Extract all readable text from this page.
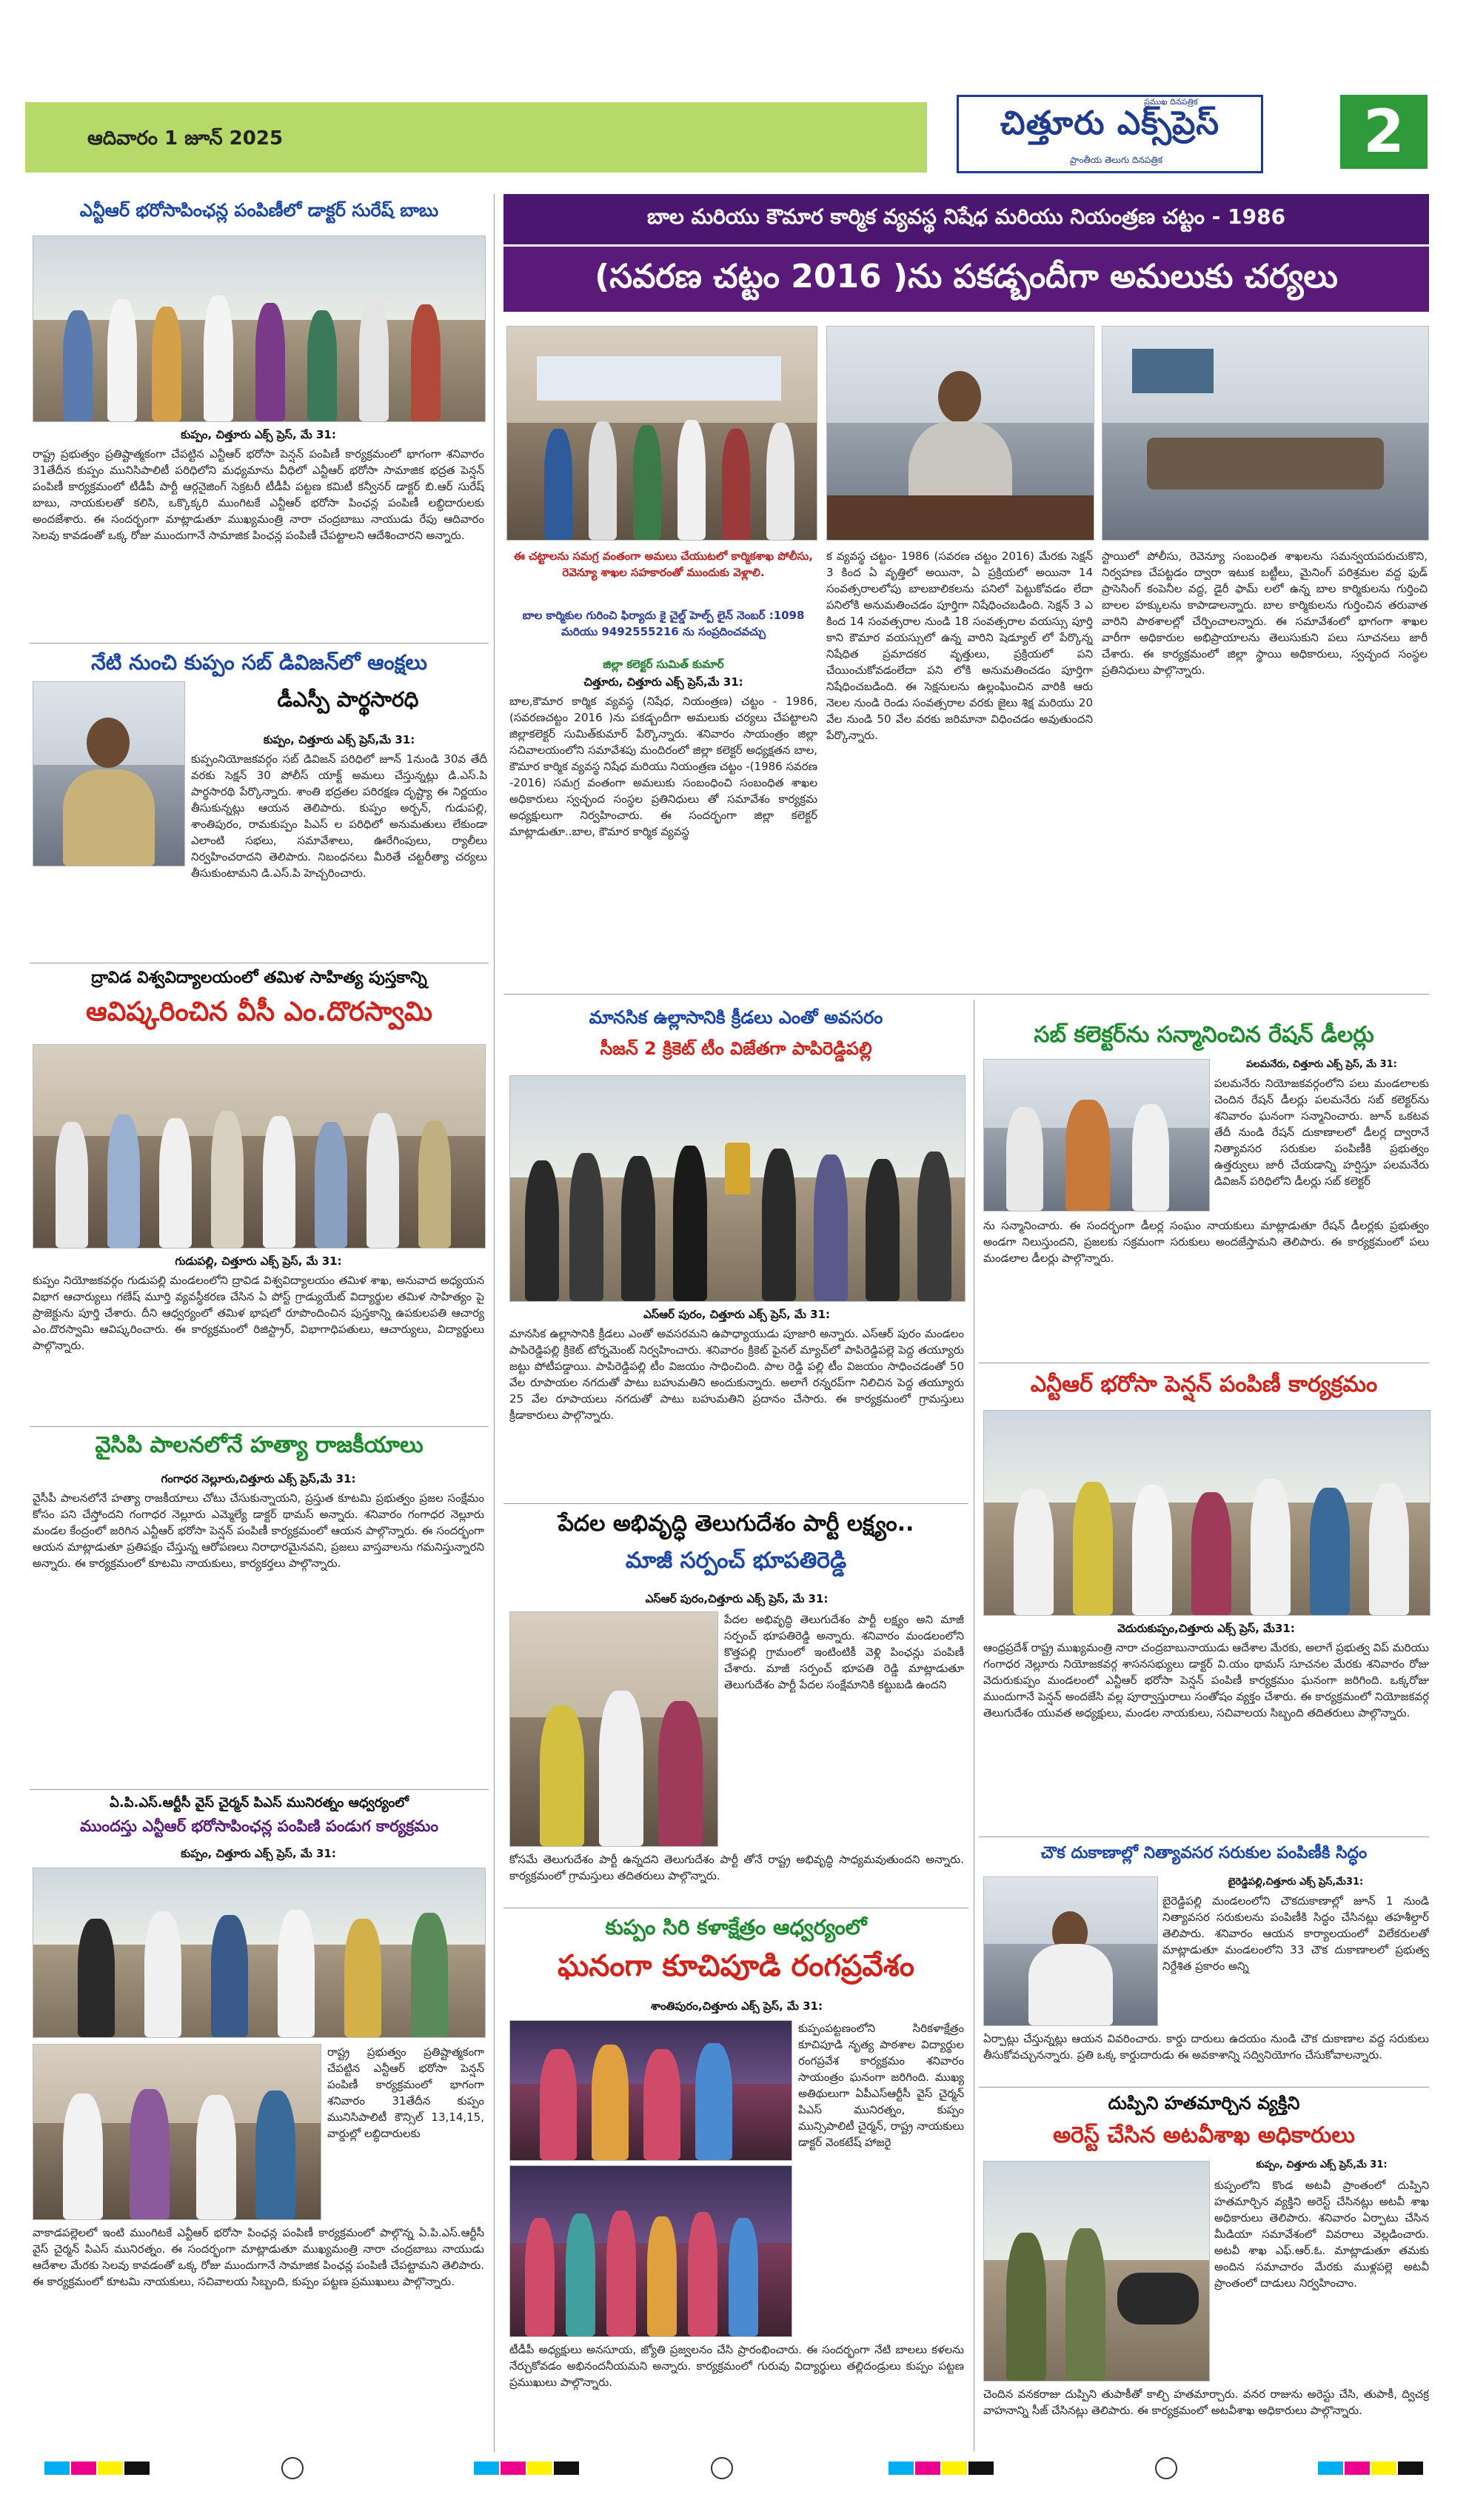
ఆదివారం 1 జూన్ 2025	చిత్తూరు ఎక్స్‌ప్రెస్
ప్రముఖ దినపత్రిక
ప్రాంతీయ తెలుగు దినపత్రిక	2
బాల మరియు కౌమార కార్మిక వ్యవస్థ నిషేధ మరియు నియంత్రణ చట్టం - 1986
(సవరణ చట్టం 2016 )ను పకడ్బందీగా అమలుకు చర్యలు
ఈ చట్టాలను సమగ్ర వంతంగా అమలు చేయుటలో కార్మికశాఖ పోలీసు, రెవెన్యూ శాఖల సహకారంతో ముందుకు వెళ్లాలి.
బాల కార్మికుల గురించి ఫిర్యాదు కై చైల్డ్ హెల్ప్ లైన్ నెంబర్ :1098 మరియు 9492555216 ను సంప్రదించవచ్చు
జిల్లా కలెక్టర్ సుమిత్ కుమార్
చిత్తూరు, చిత్తూరు ఎక్స్ ప్రెస్,మే 31:
బాల,కౌమార కార్మిక వ్యవస్థ (నిషేధ, నియంత్రణ) చట్టం - 1986,(సవరణచట్టం 2016 )ను పకడ్బందీగా అమలుకు చర్యలు చేపట్టాలని జిల్లాకలెక్టర్ సుమిత్‌కుమార్ పేర్కొన్నారు. శనివారం సాయంత్రం జిల్లా సచివాలయంలోని సమావేశపు మందిరంలో జిల్లా కలెక్టర్ అధ్యక్షతన బాల, కౌమార కార్మిక వ్యవస్థ నిషేధ మరియు నియంత్రణ చట్టం -(1986 సవరణ -2016) సమగ్ర వంతంగా అమలుకు సంబంధించి సంబంధిత శాఖల అధికారులు స్వచ్ఛంద సంస్థల ప్రతినిధులు తో సమావేశం కార్యక్రమ అధ్యక్షులుగా నిర్వహించారు. ఈ సందర్భంగా జిల్లా కలెక్టర్ మాట్లాడుతూ..బాల, కౌమార కార్మిక వ్యవస్థ
క వ్యవస్థ చట్టం- 1986 (సవరణ చట్టం 2016) మేరకు సెక్షన్ 3 కింద ఏ వృత్తిలో అయినా, ఏ ప్రక్రియలో అయినా 14 సంవత్సరాలలోపు బాలబాలికలను పనిలో పెట్టుకోవడం లేదా పనిలోకి అనుమతించడం పూర్తిగా నిషేధించబడింది. సెక్షన్ 3 ఎ కింద 14 సంవత్సరాల నుండి 18 సంవత్సరాల వయస్సు పూర్తి కాని కౌమార వయస్సులో ఉన్న వారిని షెడ్యూల్ లో పేర్కొన్న నిషేధిత ప్రమాదకర వృత్తులు, ప్రక్రియలో పని చేయించుకోవడంలేదా పని లోకి అనుమతించడం పూర్తిగా నిషేధించబడింది. ఈ సెక్షనులను ఉల్లంఘించిన వారికి ఆరు నెలల నుండి రెండు సంవత్సరాల వరకు జైలు శిక్ష మరియు 20 వేల నుండి 50 వేల వరకు జరిమానా విధించడం అవుతుందని పేర్కొన్నారు.
స్టాయిలో పోలీసు, రెవెన్యూ సంబంధిత శాఖలను సమన్వయపరుచుకొని, నిర్వహణ చేపట్టడం ద్వారా ఇటుక బట్టీలు, మైనింగ్ పరిశ్రమల వద్ద ఫుడ్ ప్రాసెసింగ్ కంపెనీల వద్ద, డైరీ ఫామ్ లలో ఉన్న బాల కార్మికులను గుర్తించి బాలల హక్కులను కాపాడాలన్నారు. బాల కార్మికులను గుర్తించిన తరువాత వారిని పాఠశాలల్లో చేర్పించాలన్నారు. ఈ సమావేశంలో భాగంగా శాఖల వారీగా అధికారుల అభిప్రాయాలను తెలుసుకుని పలు సూచనలు జారీ చేశారు. ఈ కార్యక్రమంలో జిల్లా స్థాయి అధికారులు, స్వచ్ఛంద సంస్థల ప్రతినిధులు పాల్గొన్నారు.
ఎన్టీఆర్ భరోసాపింఛన్ల పంపిణీలో డాక్టర్ సురేష్ బాబు
కుప్పం, చిత్తూరు ఎక్స్ ప్రెస్, మే 31:
రాష్ట్ర ప్రభుత్వం ప్రతిష్టాత్మకంగా చేపట్టిన ఎన్టీఆర్ భరోసా పెన్షన్ పంపిణీ కార్యక్రమంలో భాగంగా శనివారం 31తేదీన కుప్పం మునిసిపాలిటీ పరిధిలోని మధ్యమాను వీధిలో ఎన్టీఆర్ భరోసా సామాజిక భద్రత పెన్షన్ పంపిణీ కార్యక్రమంలో టీడీపీ పార్టీ ఆర్గనైజింగ్ సెక్రటరీ టీడీపీ పట్టణ కమిటీ కన్వీనర్ డాక్టర్ బి.ఆర్ సురేష్ బాబు, నాయకులతో కలిసి, ఒక్కొక్కరి ముంగిటకే ఎన్టీఆర్ భరోసా పింఛన్ల పంపిణీ లబ్ధిదారులకు అందజేశారు. ఈ సందర్భంగా మాట్లాడుతూ ముఖ్యమంత్రి నారా చంద్రబాబు నాయుడు రేపు ఆదివారం సెలవు కావడంతో ఒక్క రోజు ముందుగానే సామాజిక పింఛన్ల పంపిణీ చేపట్టాలని ఆదేశించారని అన్నారు.
నేటి నుంచి కుప్పం సబ్ డివిజన్‌లో ఆంక్షలు
డీఎస్పీ పార్థసారధి
కుప్పం, చిత్తూరు ఎక్స్ ప్రెస్,మే 31:
కుప్పంనియోజకవర్గం సబ్ డివిజన్ పరిధిలో జూన్ 1నుండి 30వ తేదీ వరకు సెక్షన్ 30 పోలీస్ యాక్ట్ అమలు చేస్తున్నట్లు డి.ఎస్.పి పార్థసారథి పేర్కొన్నారు. శాంతి భద్రతల పరిరక్షణ దృష్ట్యా ఈ నిర్ణయం తీసుకున్నట్లు ఆయన తెలిపారు. కుప్పం అర్బన్, గుడుపల్లి, శాంతిపురం, రామకుప్పం పిఎస్ ల పరిధిలో అనుమతులు లేకుండా ఎలాంటి సభలు, సమావేశాలు, ఊరేగింపులు, ర్యాలీలు నిర్వహించరాదని తెలిపారు. నిబంధనలు మీరితే చట్టరీత్యా చర్యలు తీసుకుంటామని డి.ఎస్.పి హెచ్చరించారు.
ద్రావిడ విశ్వవిద్యాలయంలో తమిళ సాహిత్య పుస్తకాన్ని
ఆవిష్కరించిన వీసీ ఎం.దొరస్వామి
గుడుపల్లి, చిత్తూరు ఎక్స్ ప్రెస్, మే 31:
కుప్పం నియోజకవర్గం గుడుపల్లి మండలంలోని ద్రావిడ విశ్వవిద్యాలయం తమిళ శాఖ, అనువాద అధ్యయన విభాగ ఆచార్యులు గణేష్ మూర్తి వ్యవస్థీకరణ చేసిన ఏ పోస్ట్ గ్రాడ్యుయేట్ విద్యార్థుల తమిళ సాహిత్యం పై ప్రాజెక్టును పూర్తి చేశారు. దీని ఆధ్వర్యంలో తమిళ భాషలో రూపొందించిన పుస్తకాన్ని ఉపకులపతి ఆచార్య ఎం.దొరస్వామి ఆవిష్కరించారు. ఈ కార్యక్రమంలో రిజిస్ట్రార్, విభాగాధిపతులు, ఆచార్యులు, విద్యార్థులు పాల్గొన్నారు.
వైసిపి పాలనలోనే హత్యా రాజకీయాలు
గంగాధర నెల్లూరు,చిత్తూరు ఎక్స్ ప్రెస్,మే 31:
వైసీపీ పాలనలోనే హత్యా రాజకీయాలు చోటు చేసుకున్నాయని, ప్రస్తుత కూటమి ప్రభుత్వం ప్రజల సంక్షేమం కోసం పని చేస్తోందని గంగాధర నెల్లూరు ఎమ్మెల్యే డాక్టర్ థామస్ అన్నారు. శనివారం గంగాధర నెల్లూరు మండల కేంద్రంలో జరిగిన ఎన్టీఆర్ భరోసా పెన్షన్ పంపిణీ కార్యక్రమంలో ఆయన పాల్గొన్నారు. ఈ సందర్భంగా ఆయన మాట్లాడుతూ ప్రతిపక్షం చేస్తున్న ఆరోపణలు నిరాధారమైనవని, ప్రజలు వాస్తవాలను గమనిస్తున్నారని అన్నారు. ఈ కార్యక్రమంలో కూటమి నాయకులు, కార్యకర్తలు పాల్గొన్నారు.
ఏ.పి.ఎస్.ఆర్టీసీ వైస్ చైర్మన్ పిఎస్ మునిరత్నం ఆధ్వర్యంలో
ముందస్తు ఎన్టీఆర్ భరోసాపింఛన్ల పంపిణి పండుగ కార్యక్రమం
కుప్పం, చిత్తూరు ఎక్స్ ప్రెస్, మే 31:
రాష్ట్ర ప్రభుత్వం ప్రతిష్టాత్మకంగా చేపట్టిన ఎన్టీఆర్ భరోసా పెన్షన్ పంపిణీ కార్యక్రమంలో భాగంగా శనివారం 31తేదీన కుప్పం మునిసిపాలిటీ కౌన్సిల్ 13,14,15, వార్డుల్లో లబ్ధిదారులకు
వాకాడపల్లెలలో ఇంటి ముంగిటకే ఎన్టీఆర్ భరోసా పింఛన్ల పంపిణీ కార్యక్రమంలో పాల్గొన్న ఏ.పి.ఎస్.ఆర్టీసీ వైస్ చైర్మన్ పిఎస్ మునిరత్నం. ఈ సందర్భంగా మాట్లాడుతూ ముఖ్యమంత్రి నారా చంద్రబాబు నాయుడు ఆదేశాల మేరకు సెలవు కావడంతో ఒక్క రోజు ముందుగానే సామాజిక పింఛన్ల పంపిణీ చేపట్టామని తెలిపారు. ఈ కార్యక్రమంలో కూటమి నాయకులు, సచివాలయ సిబ్బంది, కుప్పం పట్టణ ప్రముఖులు పాల్గొన్నారు.
మానసిక ఉల్లాసానికి క్రీడలు ఎంతో అవసరం
సీజన్ 2 క్రికెట్ టీం విజేతగా పాపిరెడ్డిపల్లి
ఎస్ఆర్ పురం, చిత్తూరు ఎక్స్ ప్రెస్, మే 31:
మానసిక ఉల్లాసానికి క్రీడలు ఎంతో అవసరమని ఉపాధ్యాయుడు పూజారి అన్నారు. ఎస్ఆర్ పురం మండలం పాపిరెడ్డిపల్లి క్రికెట్ టోర్నమెంట్ నిర్వహించారు. శనివారం క్రికెట్ ఫైనల్ మ్యాచ్‌లో పాపిరెడ్డిపల్లె పెద్ద తయ్యూరు జట్టు పోటీపడ్డాయి. పాపిరెడ్డిపల్లి టీం విజయం సాధించింది. పాల రెడ్డి పల్లి టీం విజయం సాధించడంతో 50 వేల రూపాయల నగదుతో పాటు బహుమతిని అందుకున్నారు. అలాగే రన్నరప్‌గా నిలిచిన పెద్ద తయ్యూరు 25 వేల రూపాయలు నగదుతో పాటు బహుమతిని ప్రదానం చేసారు. ఈ కార్యక్రమంలో గ్రామస్తులు క్రీడాకారులు పాల్గొన్నారు.
పేదల అభివృద్ధి తెలుగుదేశం పార్టీ లక్ష్యం..
మాజీ సర్పంచ్ భూపతిరెడ్డి
ఎస్ఆర్ పురం,చిత్తూరు ఎక్స్ ప్రెస్, మే 31:
పేదల అభివృద్ధి తెలుగుదేశం పార్టీ లక్ష్యం అని మాజీ సర్పంచ్ భూపతిరెడ్డి అన్నారు. శనివారం మండలంలోని కొత్తపల్లి గ్రామంలో ఇంటింటికీ వెళ్లి పింఛన్లు పంపిణీ చేశారు. మాజీ సర్పంచ్ భూపతి రెడ్డి మాట్లాడుతూ తెలుగుదేశం పార్టీ పేదల సంక్షేమానికి కట్టుబడి ఉందని
కోసమే తెలుగుదేశం పార్టీ ఉన్నదని తెలుగుదేశం పార్టీ తోనే రాష్ట్ర అభివృద్ధి సాధ్యమవుతుందని అన్నారు. కార్యక్రమంలో గ్రామస్తులు తదితరులు పాల్గొన్నారు.
కుప్పం సిరి కళాక్షేత్రం ఆధ్వర్యంలో
ఘనంగా కూచిపూడి రంగప్రవేశం
శాంతిపురం,చిత్తూరు ఎక్స్ ప్రెస్, మే 31:
కుప్పంపట్టణంలోని సిరికళాక్షేత్రం కూచిపూడి నృత్య పాఠశాల విద్యార్థుల రంగప్రవేశ కార్యక్రమం శనివారం సాయంత్రం ఘనంగా జరిగింది. ముఖ్య అతిథులుగా ఏపీఎస్ఆర్టీసీ వైస్ చైర్మన్ పిఎస్ మునిరత్నం, కుప్పం మున్సిపాలిటీ చైర్మన్, రాష్ట్ర నాయకులు డాక్టర్ వెంకటేష్ హాజరై
టీడీపీ అధ్యక్షులు అనసూయ, జ్యోతి ప్రజ్వలనం చేసి ప్రారంభించారు. ఈ సందర్భంగా నేటి బాలలు కళలను నేర్చుకోవడం అభినందనీయమని అన్నారు. కార్యక్రమంలో గురువు విద్యార్థులు తల్లిదండ్రులు కుప్పం పట్టణ ప్రముఖులు పాల్గొన్నారు.
సబ్ కలెక్టర్‌ను సన్మానించిన రేషన్ డీలర్లు
పలమనేరు, చిత్తూరు ఎక్స్ ప్రెస్, మే 31:
పలమనేరు నియోజకవర్గంలోని పలు మండలాలకు చెందిన రేషన్ డీలర్లు పలమనేరు సబ్ కలెక్టర్‌ను శనివారం ఘనంగా సన్మానించారు. జూన్ ఒకటవ తేదీ నుండి రేషన్ దుకాణాలలో డీలర్ల ద్వారానే నిత్యావసర సరుకుల పంపిణీకి ప్రభుత్వం ఉత్తర్వులు జారీ చేయడాన్ని హర్షిస్తూ పలమనేరు డివిజన్ పరిధిలోని డీలర్లు సబ్ కలెక్టర్
ను సన్మానించారు. ఈ సందర్భంగా డీలర్ల సంఘం నాయకులు మాట్లాడుతూ రేషన్ డీలర్లకు ప్రభుత్వం అండగా నిలుస్తుందని, ప్రజలకు సక్రమంగా సరుకులు అందజేస్తామని తెలిపారు. ఈ కార్యక్రమంలో పలు మండలాల డీలర్లు పాల్గొన్నారు.
ఎన్టీఆర్ భరోసా పెన్షన్ పంపిణీ కార్యక్రమం
వెదురుకుప్పం,చిత్తూరు ఎక్స్ ప్రెస్, మే31:
ఆంధ్రప్రదేశ్ రాష్ట్ర ముఖ్యమంత్రి నారా చంద్రబాబునాయుడు ఆదేశాల మేరకు, అలాగే ప్రభుత్వ విప్ మరియు గంగాధర నెల్లూరు నియోజకవర్గ శాసనసభ్యులు డాక్టర్ వి.యం థామస్ సూచనల మేరకు శనివారం రోజు వెదురుకుప్పం మండలంలో ఎన్టీఆర్ భరోసా పెన్షన్ పంపిణీ కార్యక్రమం ఘనంగా జరిగింది. ఒక్కరోజు ముందుగానే పెన్షన్ అందజేసి వల్ల పూర్వాస్తురాలు సంతోషం వ్యక్తం చేశారు. ఈ కార్యక్రమంలో నియోజకవర్గ తెలుగుదేశం యువత అధ్యక్షులు, మండల నాయకులు, సచివాలయ సిబ్బంది తదితరులు పాల్గొన్నారు.
చౌక దుకాణాల్లో నిత్యావసర సరుకుల పంపిణీకి సిద్ధం
బైరెడ్డిపల్లి,చిత్తూరు ఎక్స్ ప్రెస్,మే31:
బైరెడ్డిపల్లి మండలంలోని చౌకదుకాణాల్లో జూన్ 1 నుండి నిత్యావసర సరుకులను పంపిణీకి సిద్ధం చేసినట్లు తహశీల్దార్ తెలిపారు. శనివారం ఆయన కార్యాలయంలో విలేకరులతో మాట్లాడుతూ మండలంలోని 33 చౌక దుకాణాలలో ప్రభుత్వ నిర్దేశిత ప్రకారం అన్ని
ఏర్పాట్లు చేస్తున్నట్లు ఆయన వివరించారు. కార్డు దారులు ఉదయం నుండి చౌక దుకాణాల వద్ద సరుకులు తీసుకోవచ్చునన్నారు. ప్రతి ఒక్క కార్డుదారుడు ఈ అవకాశాన్ని సద్వినియోగం చేసుకోవాలన్నారు.
దుప్పిని హతమార్చిన వ్యక్తిని
అరెస్ట్ చేసిన అటవీశాఖ అధికారులు
కుప్పం, చిత్తూరు ఎక్స్ ప్రెస్,మే 31:
కుప్పంలోని కొండ అటవీ ప్రాంతంలో దుప్పిని హతమార్చిన వ్యక్తిని అరెస్ట్ చేసినట్లు అటవీ శాఖ అధికారులు తెలిపారు. శనివారం ఏర్పాటు చేసిన మీడియా సమావేశంలో వివరాలు వెల్లడించారు. అటవీ శాఖ ఎఫ్.ఆర్.ఓ. మాట్లాడుతూ తమకు అందిన సమాచారం మేరకు ముళ్లపల్లె అటవీ ప్రాంతంలో దాడులు నిర్వహించాం.
చెందిన వనకరాజు దుప్పిని తుపాకీతో కాల్చి హతమార్చారు. వనర రాజును అరెస్టు చేసి, తుపాకీ, ద్విచక్ర వాహనాన్ని సీజ్ చేసినట్లు తెలిపారు. ఈ కార్యక్రమంలో అటవీశాఖ అధికారులు పాల్గొన్నారు.
